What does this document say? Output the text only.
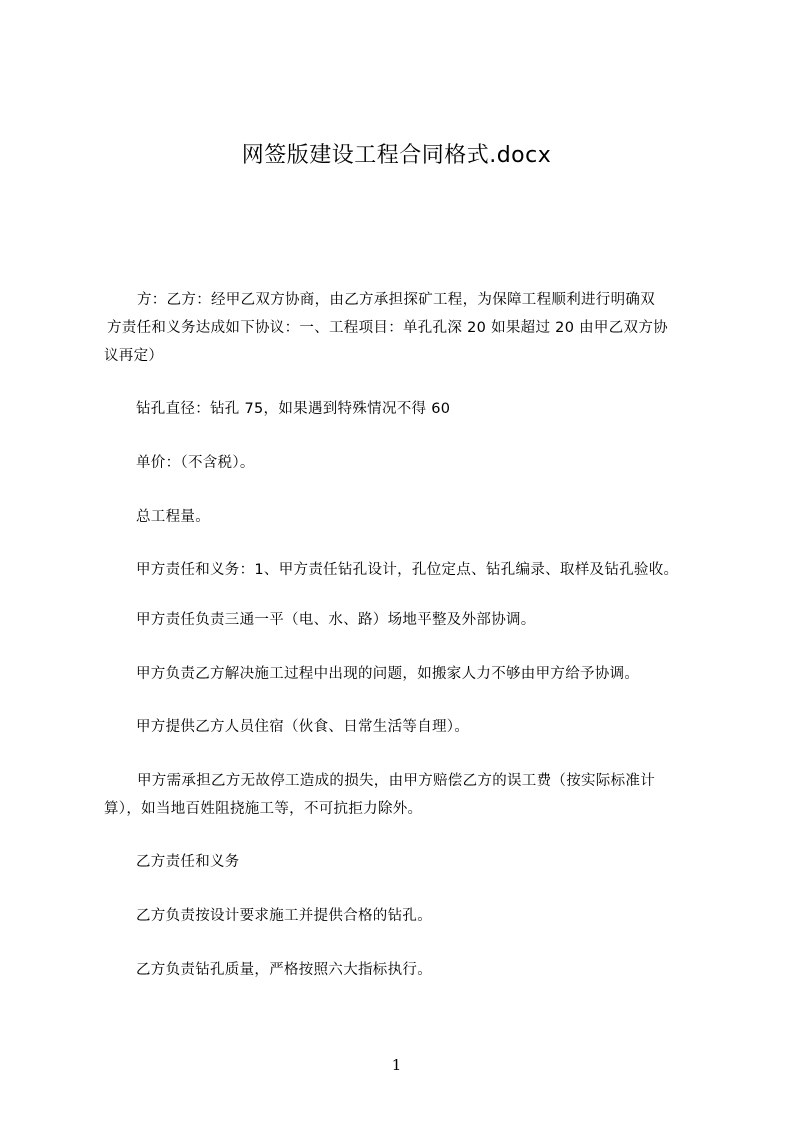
网签版建设工程合同格式.docx
方：乙方：经甲乙双方协商，由乙方承担探矿工程，为保障工程顺利进行明确双
方责任和义务达成如下协议：一、工程项目：单孔孔深 20 如果超过 20 由甲乙双方协
议再定）
钻孔直径：钻孔 75，如果遇到特殊情况不得 60
单价：（不含税）。
总工程量。
甲方责任和义务：1、甲方责任钻孔设计，孔位定点、钻孔编录、取样及钻孔验收。
甲方责任负责三通一平（电、水、路）场地平整及外部协调。
甲方负责乙方解决施工过程中出现的问题，如搬家人力不够由甲方给予协调。
甲方提供乙方人员住宿（伙食、日常生活等自理）。
甲方需承担乙方无故停工造成的损失，由甲方赔偿乙方的误工费（按实际标准计
算），如当地百姓阻挠施工等，不可抗拒力除外。
乙方责任和义务
乙方负责按设计要求施工并提供合格的钻孔。
乙方负责钻孔质量，严格按照六大指标执行。
1
